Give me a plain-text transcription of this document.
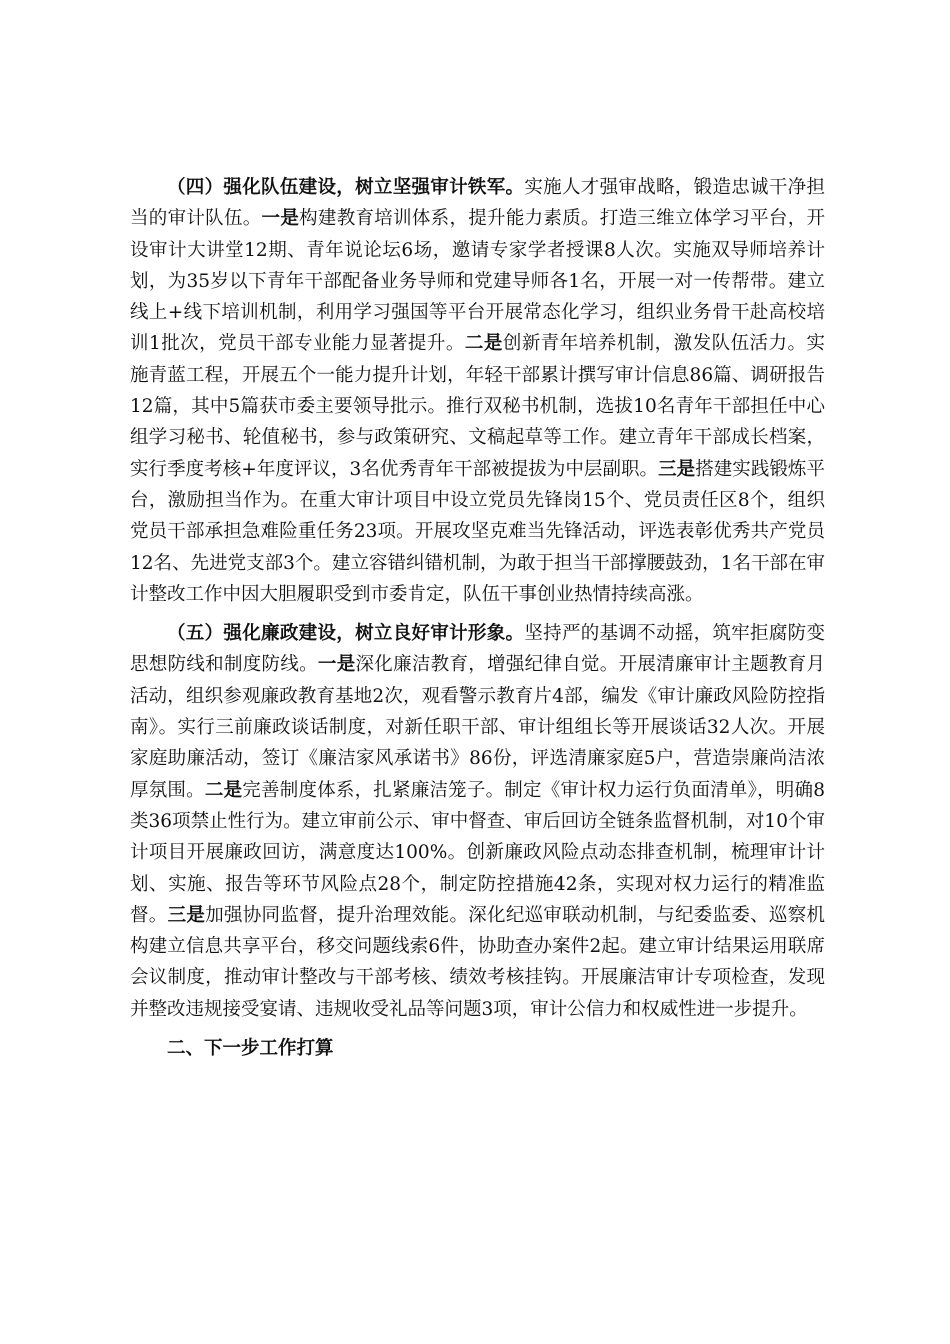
（四）强化队伍建设，树立坚强审计铁军。实施人才强审战略，锻造忠诚干净担当的审计队伍。一是构建教育培训体系，提升能力素质。打造三维立体学习平台，开设审计大讲堂12期、青年说论坛6场，邀请专家学者授课8人次。实施双导师培养计划，为35岁以下青年干部配备业务导师和党建导师各1名，开展一对一传帮带。建立线上+线下培训机制，利用学习强国等平台开展常态化学习，组织业务骨干赴高校培训1批次，党员干部专业能力显著提升。二是创新青年培养机制，激发队伍活力。实施青蓝工程，开展五个一能力提升计划，年轻干部累计撰写审计信息86篇、调研报告12篇，其中5篇获市委主要领导批示。推行双秘书机制，选拔10名青年干部担任中心组学习秘书、轮值秘书，参与政策研究、文稿起草等工作。建立青年干部成长档案，实行季度考核+年度评议，3名优秀青年干部被提拔为中层副职。三是搭建实践锻炼平台，激励担当作为。在重大审计项目中设立党员先锋岗15个、党员责任区8个，组织党员干部承担急难险重任务23项。开展攻坚克难当先锋活动，评选表彰优秀共产党员12名、先进党支部3个。建立容错纠错机制，为敢于担当干部撑腰鼓劲，1名干部在审计整改工作中因大胆履职受到市委肯定，队伍干事创业热情持续高涨。

（五）强化廉政建设，树立良好审计形象。坚持严的基调不动摇，筑牢拒腐防变思想防线和制度防线。一是深化廉洁教育，增强纪律自觉。开展清廉审计主题教育月活动，组织参观廉政教育基地2次，观看警示教育片4部，编发《审计廉政风险防控指南》。实行三前廉政谈话制度，对新任职干部、审计组组长等开展谈话32人次。开展家庭助廉活动，签订《廉洁家风承诺书》86份，评选清廉家庭5户，营造崇廉尚洁浓厚氛围。二是完善制度体系，扎紧廉洁笼子。制定《审计权力运行负面清单》，明确8类36项禁止性行为。建立审前公示、审中督查、审后回访全链条监督机制，对10个审计项目开展廉政回访，满意度达100%。创新廉政风险点动态排查机制，梳理审计计划、实施、报告等环节风险点28个，制定防控措施42条，实现对权力运行的精准监督。三是加强协同监督，提升治理效能。深化纪巡审联动机制，与纪委监委、巡察机构建立信息共享平台，移交问题线索6件，协助查办案件2起。建立审计结果运用联席会议制度，推动审计整改与干部考核、绩效考核挂钩。开展廉洁审计专项检查，发现并整改违规接受宴请、违规收受礼品等问题3项，审计公信力和权威性进一步提升。

二、下一步工作打算
